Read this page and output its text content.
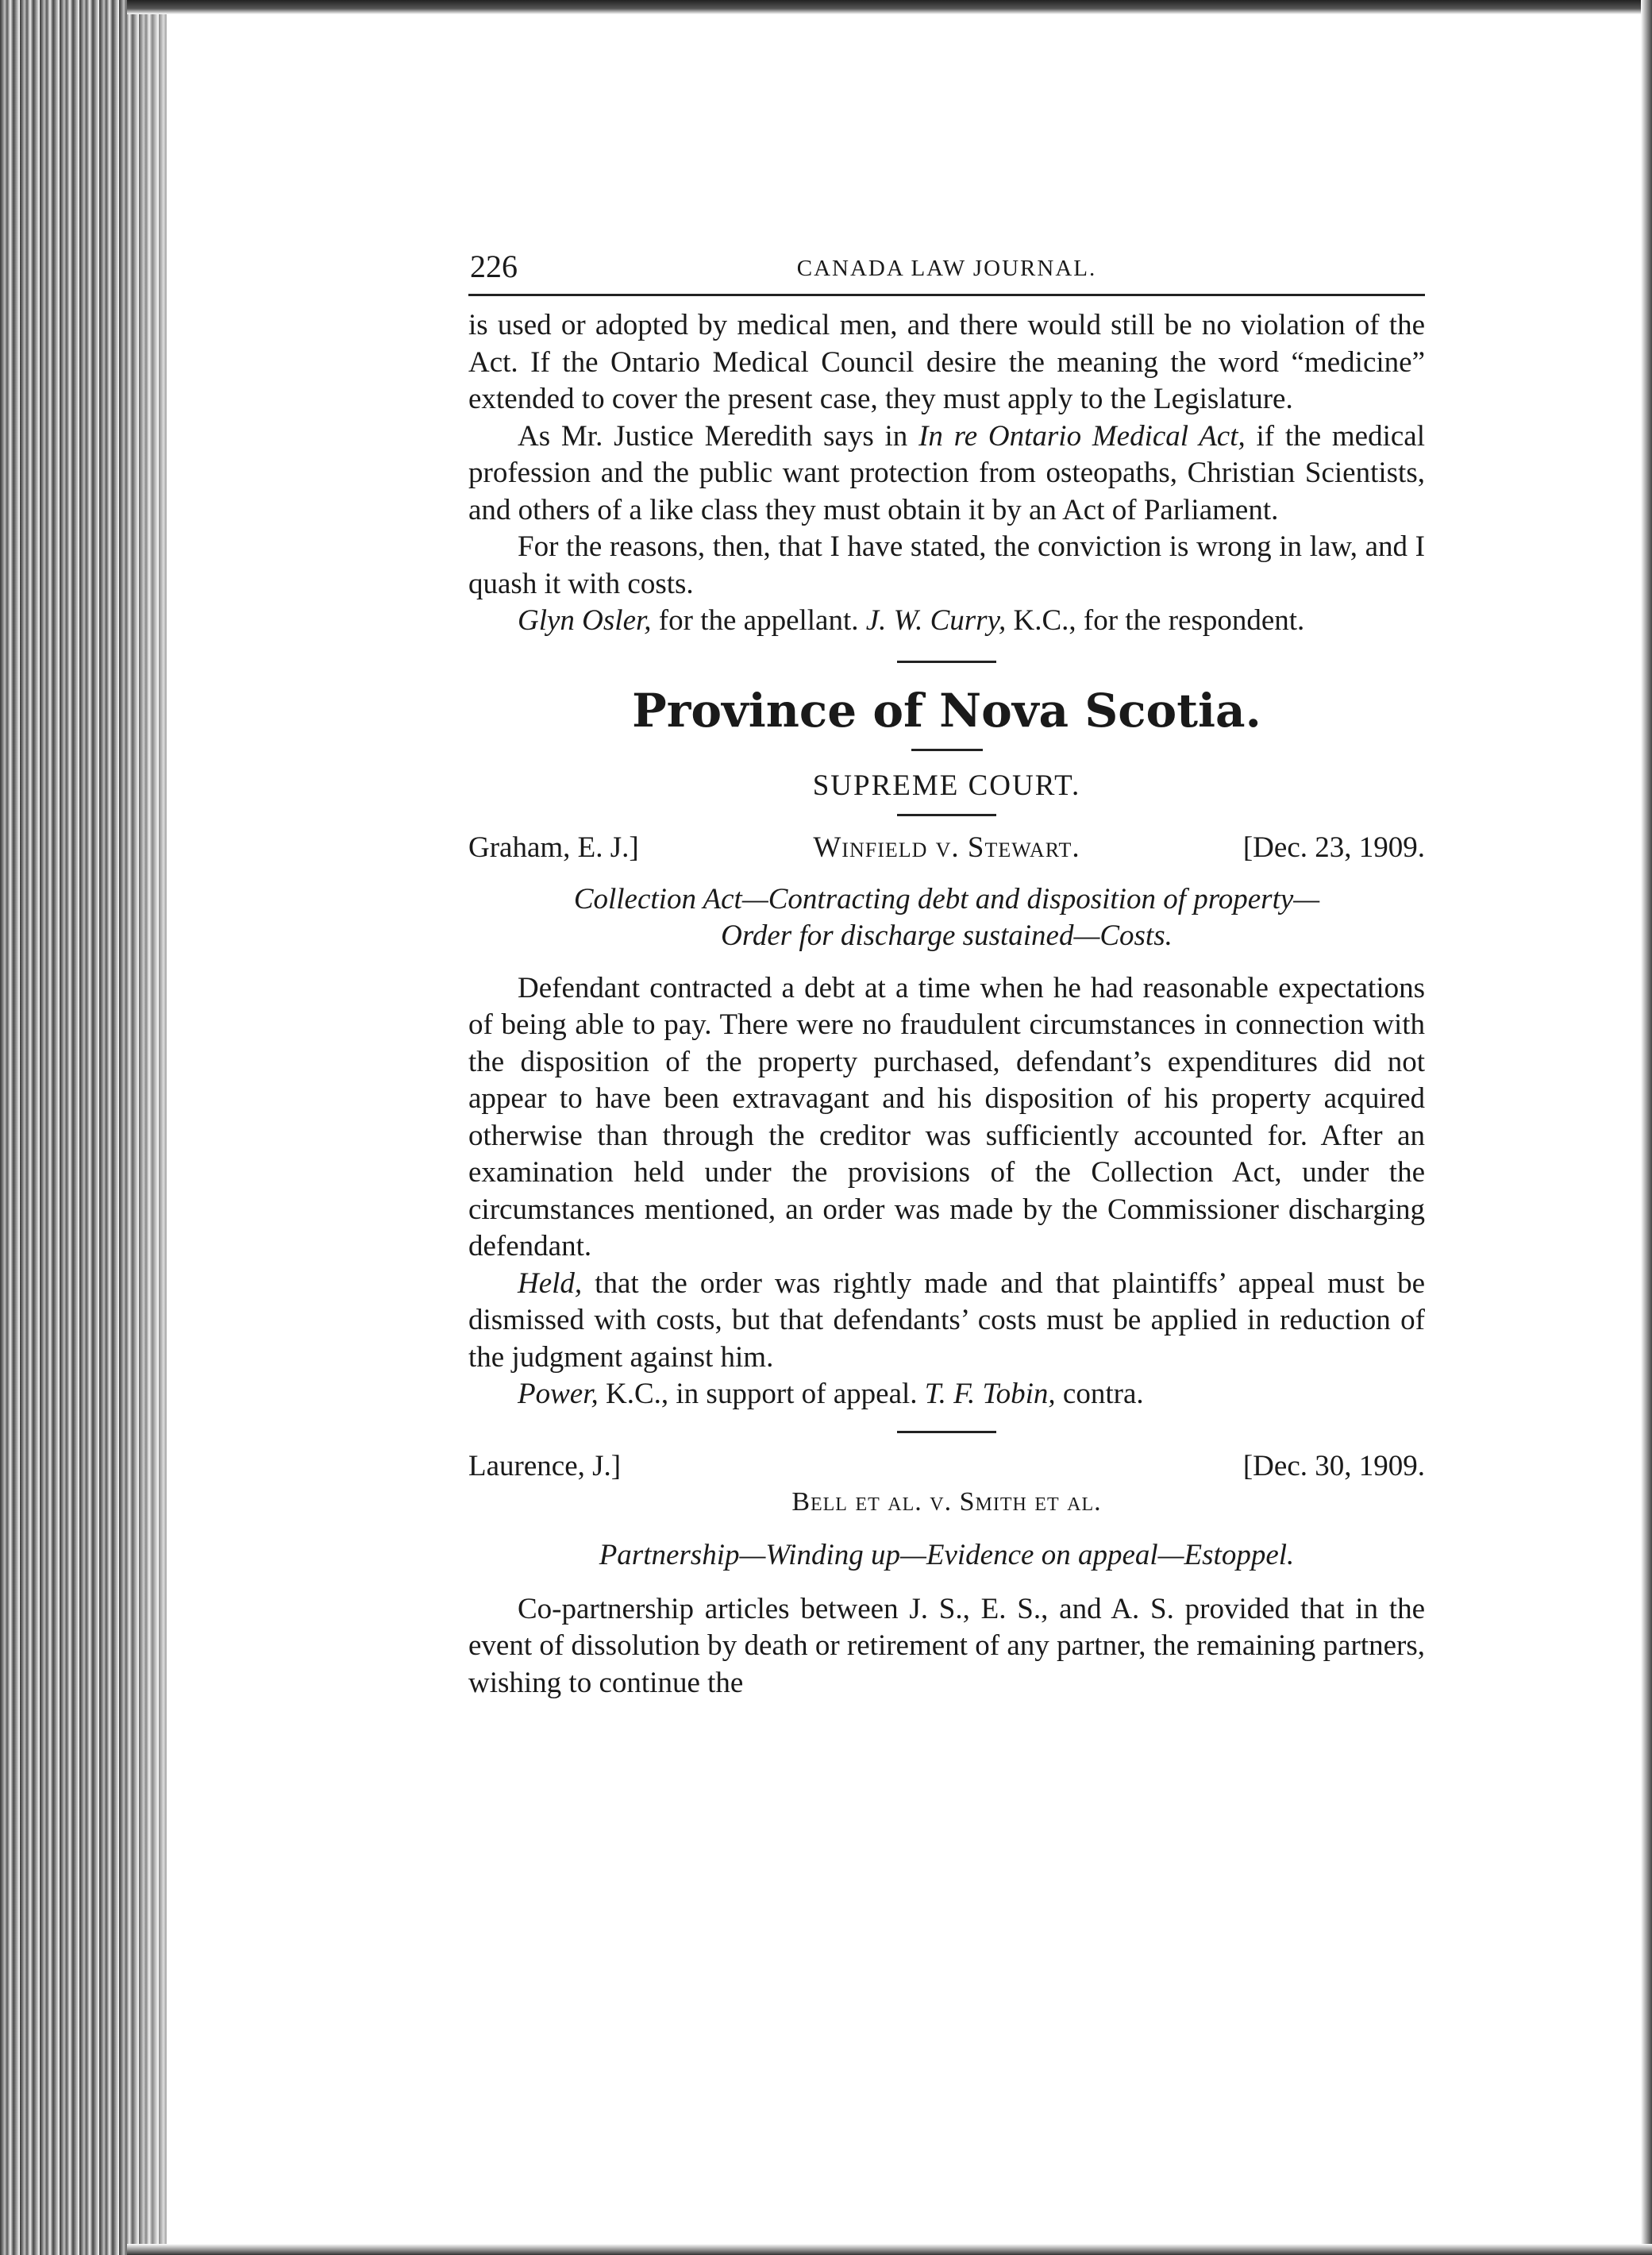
226	CANADA LAW JOURNAL.

is used or adopted by medical men, and there would still be no violation of the Act. If the Ontario Medical Council desire the meaning the word “medicine” extended to cover the present case, they must apply to the Legislature.

As Mr. Justice Meredith says in In re Ontario Medical Act, if the medical profession and the public want protection from osteopaths, Christian Scientists, and others of a like class they must obtain it by an Act of Parliament.

For the reasons, then, that I have stated, the conviction is wrong in law, and I quash it with costs.

Glyn Osler, for the appellant. J. W. Curry, K.C., for the respondent.

Province of Nova Scotia.
SUPREME COURT.
Graham, E. J.]	Winfield v. Stewart.	[Dec. 23, 1909.
Collection Act—Contracting debt and disposition of property—
Order for discharge sustained—Costs.

Defendant contracted a debt at a time when he had reasonable expectations of being able to pay. There were no fraudulent circumstances in connection with the disposition of the property purchased, defendant’s expenditures did not appear to have been extravagant and his disposition of his property acquired otherwise than through the creditor was sufficiently accounted for. After an examination held under the provisions of the Collection Act, under the circumstances mentioned, an order was made by the Commissioner discharging defendant.

Held, that the order was rightly made and that plaintiffs’ appeal must be dismissed with costs, but that defendants’ costs must be applied in reduction of the judgment against him.

Power, K.C., in support of appeal. T. F. Tobin, contra.

Laurence, J.]	[Dec. 30, 1909.
Bell et al. v. Smith et al.
Partnership—Winding up—Evidence on appeal—Estoppel.

Co-partnership articles between J. S., E. S., and A. S. provided that in the event of dissolution by death or retirement of any partner, the remaining partners, wishing to continue the
